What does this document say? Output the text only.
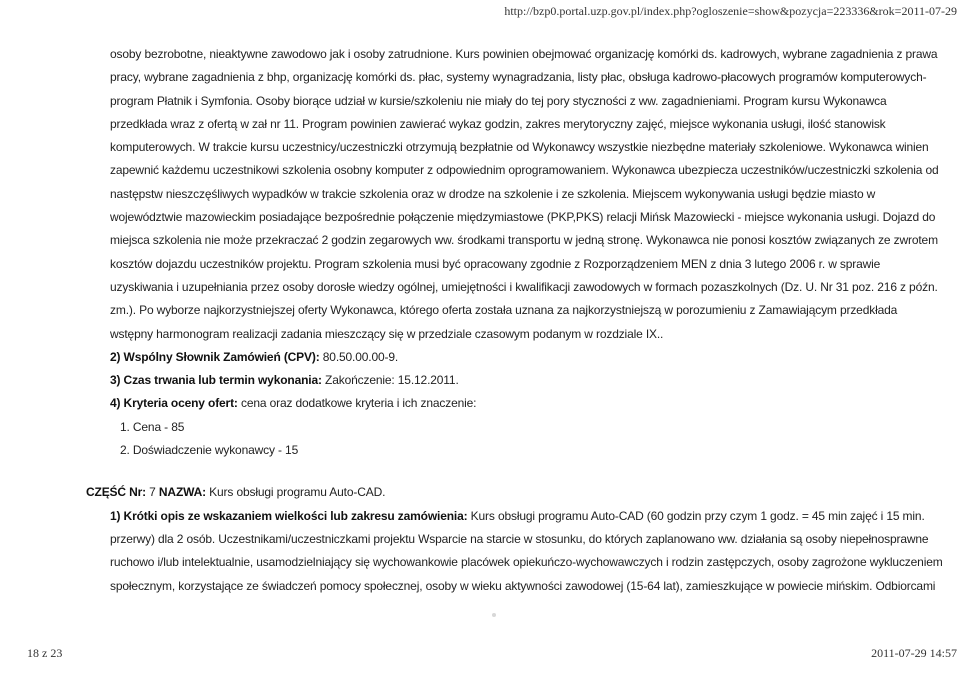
http://bzp0.portal.uzp.gov.pl/index.php?ogloszenie=show&pozycja=223336&rok=2011-07-29
osoby bezrobotne, nieaktywne zawodowo jak i osoby zatrudnione. Kurs powinien obejmować organizację komórki ds. kadrowych, wybrane zagadnienia z prawa
pracy, wybrane zagadnienia z bhp, organizację komórki ds. płac, systemy wynagradzania, listy płac, obsługa kadrowo-płacowych programów komputerowych-
program Płatnik i Symfonia. Osoby biorące udział w kursie/szkoleniu nie miały do tej pory styczności z ww. zagadnieniami. Program kursu Wykonawca
przedkłada wraz z ofertą w zał nr 11. Program powinien zawierać wykaz godzin, zakres merytoryczny zajęć, miejsce wykonania usługi, ilość stanowisk
komputerowych. W trakcie kursu uczestnicy/uczestniczki otrzymują bezpłatnie od Wykonawcy wszystkie niezbędne materiały szkoleniowe. Wykonawca winien
zapewnić każdemu uczestnikowi szkolenia osobny komputer z odpowiednim oprogramowaniem. Wykonawca ubezpiecza uczestników/uczestniczki szkolenia od
następstw nieszczęśliwych wypadków w trakcie szkolenia oraz w drodze na szkolenie i ze szkolenia. Miejscem wykonywania usługi będzie miasto w
województwie mazowieckim posiadające bezpośrednie połączenie międzymiastowe (PKP,PKS) relacji Mińsk Mazowiecki - miejsce wykonania usługi. Dojazd do
miejsca szkolenia nie może przekraczać 2 godzin zegarowych ww. środkami transportu w jedną stronę. Wykonawca nie ponosi kosztów związanych ze zwrotem
kosztów dojazdu uczestników projektu. Program szkolenia musi być opracowany zgodnie z Rozporządzeniem MEN z dnia 3 lutego 2006 r. w sprawie
uzyskiwania i uzupełniania przez osoby dorosłe wiedzy ogólnej, umiejętności i kwalifikacji zawodowych w formach pozaszkolnych (Dz. U. Nr 31 poz. 216 z późn.
zm.). Po wyborze najkorzystniejszej oferty Wykonawca, którego oferta została uznana za najkorzystniejszą w porozumieniu z Zamawiającym przedkłada
wstępny harmonogram realizacji zadania mieszczący się w przedziale czasowym podanym w rozdziale IX..
2) Wspólny Słownik Zamówień (CPV): 80.50.00.00-9.
3) Czas trwania lub termin wykonania: Zakończenie: 15.12.2011.
4) Kryteria oceny ofert: cena oraz dodatkowe kryteria i ich znaczenie:
1. Cena - 85
2. Doświadczenie wykonawcy - 15
CZĘŚĆ Nr: 7 NAZWA: Kurs obsługi programu Auto-CAD.
1) Krótki opis ze wskazaniem wielkości lub zakresu zamówienia: Kurs obsługi programu Auto-CAD (60 godzin przy czym 1 godz. = 45 min zajęć i 15 min.
przerwy) dla 2 osób. Uczestnikami/uczestniczkami projektu Wsparcie na starcie w stosunku, do których zaplanowano ww. działania są osoby niepełnosprawne
ruchowo i/lub intelektualnie, usamodzielniający się wychowankowie placówek opiekuńczo-wychowawczych i rodzin zastępczych, osoby zagrożone wykluczeniem
społecznym, korzystające ze świadczeń pomocy społecznej, osoby w wieku aktywności zawodowej (15-64 lat), zamieszkujące w powiecie mińskim. Odbiorcami
18 z 23	2011-07-29 14:57
